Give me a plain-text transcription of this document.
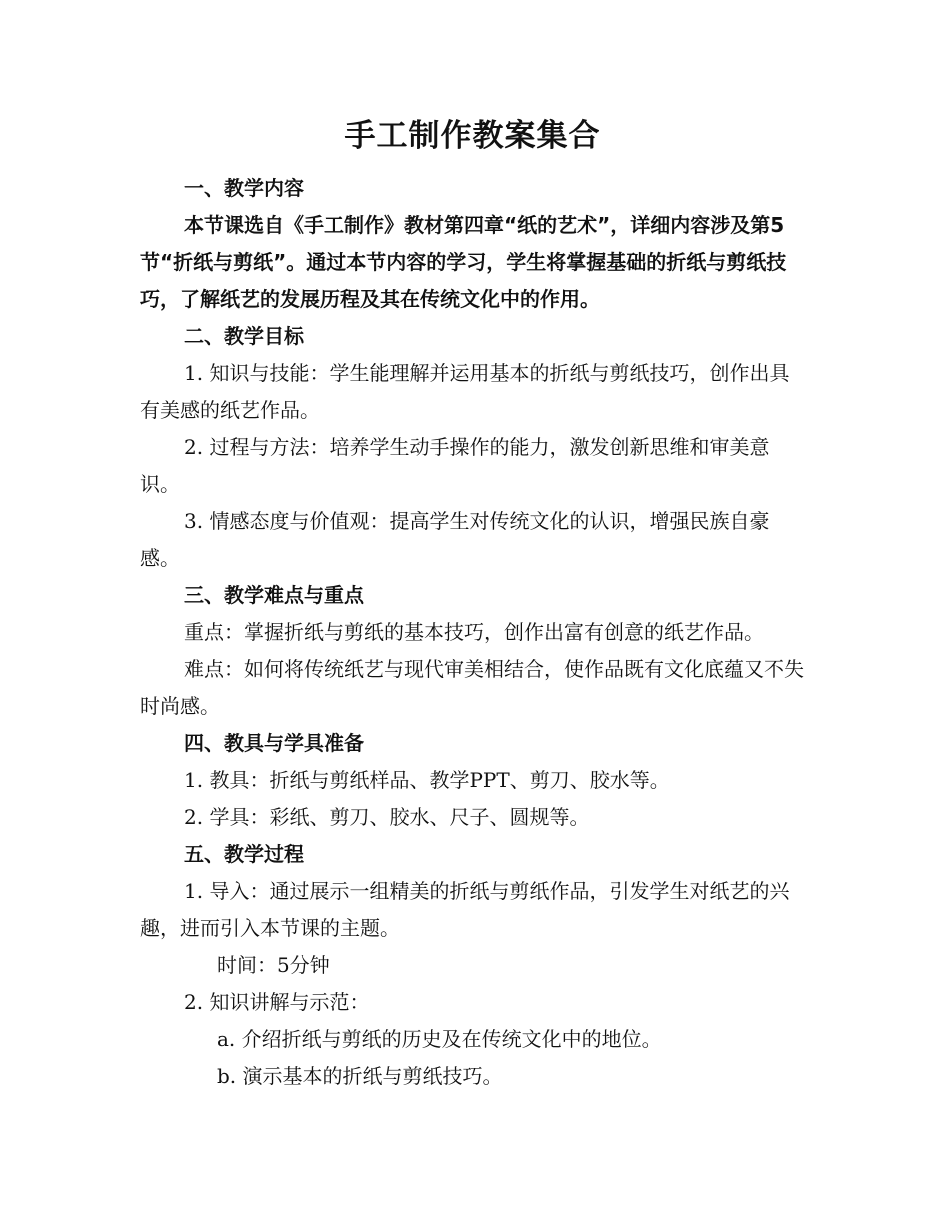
手工制作教案集合

一、教学内容

本节课选自《手工制作》教材第四章“纸的艺术”，详细内容涉及第5节“折纸与剪纸”。通过本节内容的学习，学生将掌握基础的折纸与剪纸技巧，了解纸艺的发展历程及其在传统文化中的作用。

二、教学目标

1. 知识与技能：学生能理解并运用基本的折纸与剪纸技巧，创作出具有美感的纸艺作品。

2. 过程与方法：培养学生动手操作的能力，激发创新思维和审美意识。

3. 情感态度与价值观：提高学生对传统文化的认识，增强民族自豪感。

三、教学难点与重点

重点：掌握折纸与剪纸的基本技巧，创作出富有创意的纸艺作品。

难点：如何将传统纸艺与现代审美相结合，使作品既有文化底蕴又不失时尚感。

四、教具与学具准备

1. 教具：折纸与剪纸样品、教学PPT、剪刀、胶水等。

2. 学具：彩纸、剪刀、胶水、尺子、圆规等。

五、教学过程

1. 导入：通过展示一组精美的折纸与剪纸作品，引发学生对纸艺的兴趣，进而引入本节课的主题。

时间：5分钟

2. 知识讲解与示范：

a. 介绍折纸与剪纸的历史及在传统文化中的地位。

b. 演示基本的折纸与剪纸技巧。
